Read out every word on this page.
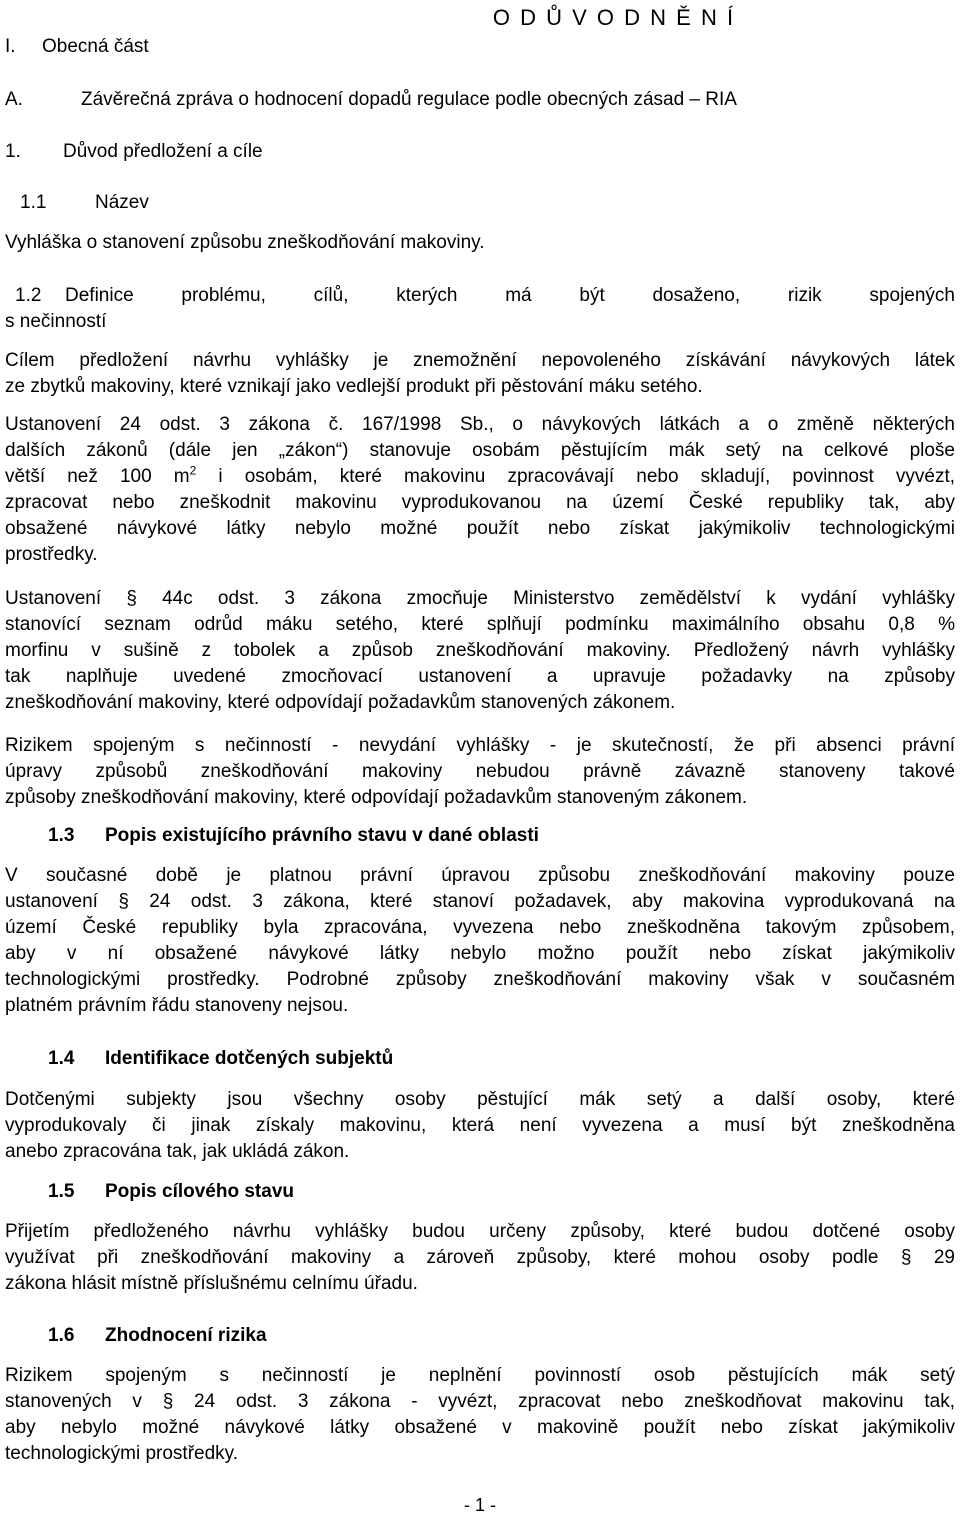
O D Ů V O D N Ě N Í
I. Obecná část
A.	Závěrečná zpráva o hodnocení dopadů regulace podle obecných zásad – RIA
1. Důvod předložení a cíle
1.1	Název
Vyhláška o stanovení způsobu zneškodňování makoviny.
1.2 Definice problému, cílů, kterých má být dosaženo, rizik spojených
s nečinností
Cílem předložení návrhu vyhlášky je znemožnění nepovoleného získávání návykových látek
ze zbytků makoviny, které vznikají jako vedlejší produkt při pěstování máku setého.
Ustanovení 24 odst. 3 zákona č. 167/1998 Sb., o návykových látkách a o změně některých
dalších zákonů (dále jen „zákon“) stanovuje osobám pěstujícím mák setý na celkové ploše
větší než 100 $m^2$ i osobám, které makovinu zpracovávají nebo skladují, povinnost vyvézt,
zpracovat nebo zneškodnit makovinu vyprodukovanou na území České republiky tak, aby
obsažené návykové látky nebylo možné použít nebo získat jakýmikoliv technologickými
prostředky.
Ustanovení § 44c odst. 3 zákona zmocňuje Ministerstvo zemědělství k vydání vyhlášky
stanovící seznam odrůd máku setého, které splňují podmínku maximálního obsahu 0,8 %
morfinu v sušině z tobolek a způsob zneškodňování makoviny. Předložený návrh vyhlášky
tak naplňuje uvedené zmocňovací ustanovení a upravuje požadavky na způsoby
zneškodňování makoviny, které odpovídají požadavkům stanovených zákonem.
Rizikem spojeným s nečinností - nevydání vyhlášky - je skutečností, že při absenci právní
úpravy způsobů zneškodňování makoviny nebudou právně závazně stanoveny takové
způsoby zneškodňování makoviny, které odpovídají požadavkům stanoveným zákonem.
1.3 Popis existujícího právního stavu v dané oblasti
V současné době je platnou právní úpravou způsobu zneškodňování makoviny pouze
ustanovení § 24 odst. 3 zákona, které stanoví požadavek, aby makovina vyprodukovaná na
území České republiky byla zpracována, vyvezena nebo zneškodněna takovým způsobem,
aby v ní obsažené návykové látky nebylo možno použít nebo získat jakýmikoliv
technologickými prostředky. Podrobné způsoby zneškodňování makoviny však v současném
platném právním řádu stanoveny nejsou.
1.4 Identifikace dotčených subjektů
Dotčenými subjekty jsou všechny osoby pěstující mák setý a další osoby, které
vyprodukovaly či jinak získaly makovinu, která není vyvezena a musí být zneškodněna
anebo zpracována tak, jak ukládá zákon.
1.5 Popis cílového stavu
Přijetím předloženého návrhu vyhlášky budou určeny způsoby, které budou dotčené osoby
využívat při zneškodňování makoviny a zároveň způsoby, které mohou osoby podle § 29
zákona hlásit místně příslušnému celnímu úřadu.
1.6 Zhodnocení rizika
Rizikem spojeným s nečinností je neplnění povinností osob pěstujících mák setý
stanovených v § 24 odst. 3 zákona - vyvézt, zpracovat nebo zneškodňovat makovinu tak,
aby nebylo možné návykové látky obsažené v makovině použít nebo získat jakýmikoliv
technologickými prostředky.
- 1 -
